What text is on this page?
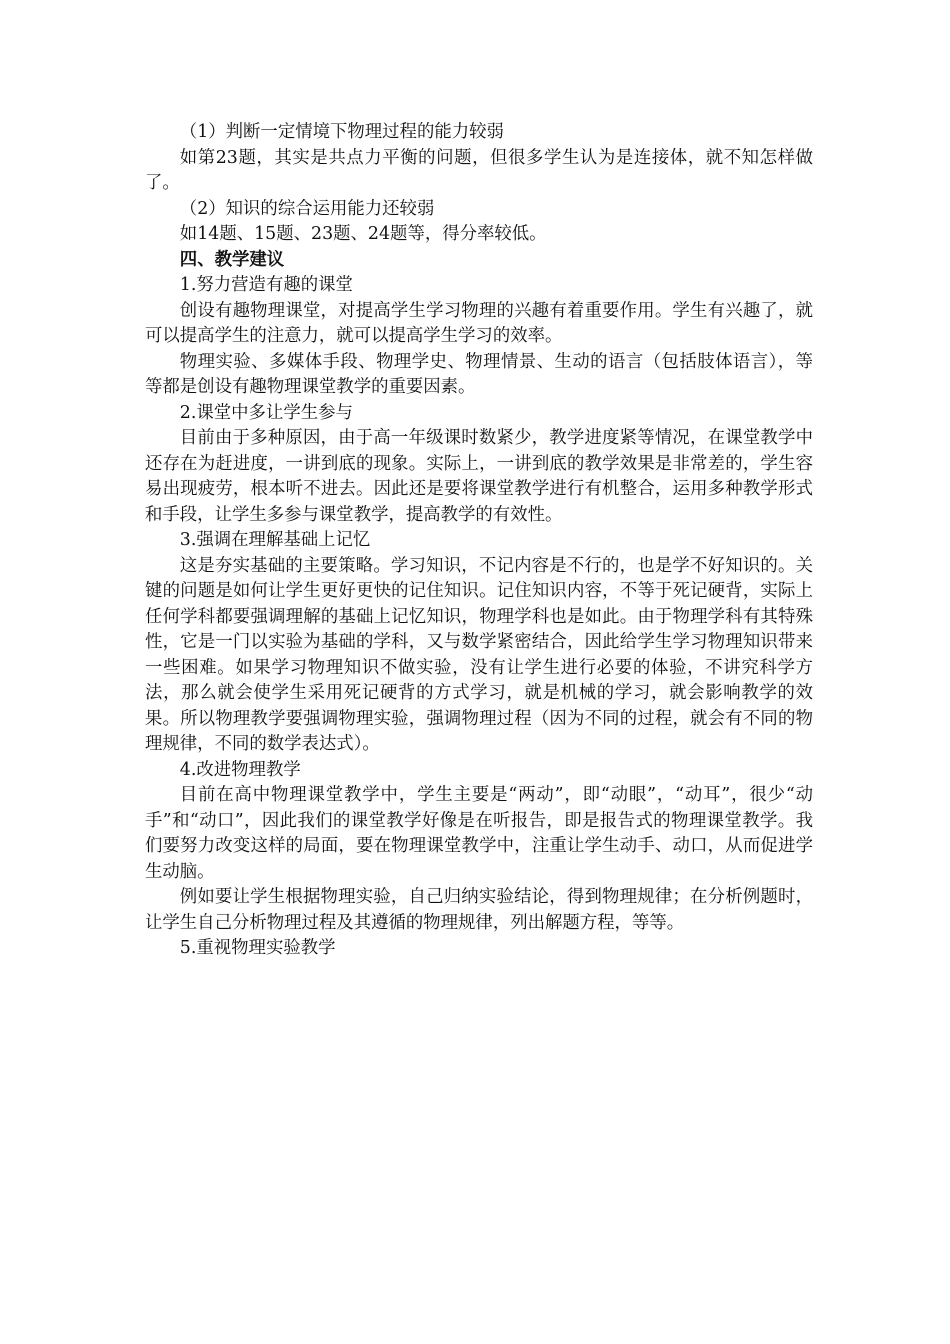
（1）判断一定情境下物理过程的能力较弱

如第23题，其实是共点力平衡的问题，但很多学生认为是连接体，就不知怎样做了。

（2）知识的综合运用能力还较弱

如14题、15题、23题、24题等，得分率较低。

四、教学建议

1.努力营造有趣的课堂

创设有趣物理课堂，对提高学生学习物理的兴趣有着重要作用。学生有兴趣了，就可以提高学生的注意力，就可以提高学生学习的效率。

物理实验、多媒体手段、物理学史、物理情景、生动的语言（包括肢体语言），等等都是创设有趣物理课堂教学的重要因素。

2.课堂中多让学生参与

目前由于多种原因，由于高一年级课时数紧少，教学进度紧等情况，在课堂教学中还存在为赶进度，一讲到底的现象。实际上，一讲到底的教学效果是非常差的，学生容易出现疲劳，根本听不进去。因此还是要将课堂教学进行有机整合，运用多种教学形式和手段，让学生多参与课堂教学，提高教学的有效性。

3.强调在理解基础上记忆

这是夯实基础的主要策略。学习知识，不记内容是不行的，也是学不好知识的。关键的问题是如何让学生更好更快的记住知识。记住知识内容，不等于死记硬背，实际上任何学科都要强调理解的基础上记忆知识，物理学科也是如此。由于物理学科有其特殊性，它是一门以实验为基础的学科，又与数学紧密结合，因此给学生学习物理知识带来一些困难。如果学习物理知识不做实验，没有让学生进行必要的体验，不讲究科学方法，那么就会使学生采用死记硬背的方式学习，就是机械的学习，就会影响教学的效果。所以物理教学要强调物理实验，强调物理过程（因为不同的过程，就会有不同的物理规律，不同的数学表达式）。

4.改进物理教学

目前在高中物理课堂教学中，学生主要是“两动”，即“动眼”，“动耳”，很少“动手”和“动口”，因此我们的课堂教学好像是在听报告，即是报告式的物理课堂教学。我们要努力改变这样的局面，要在物理课堂教学中，注重让学生动手、动口，从而促进学生动脑。

例如要让学生根据物理实验，自己归纳实验结论，得到物理规律；在分析例题时，让学生自己分析物理过程及其遵循的物理规律，列出解题方程，等等。

5.重视物理实验教学
